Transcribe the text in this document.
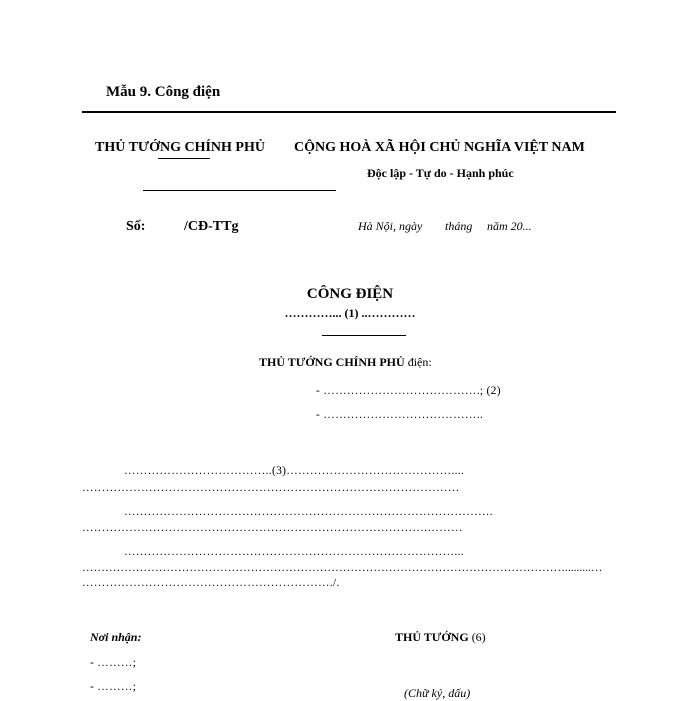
Mẫu 9. Công điện
THỦ TƯỚNG CHÍNH PHỦ CỘNG HOÀ XÃ HỘI CHỦ NGHĨA VIỆT NAM
Độc lập - Tự do - Hạnh phúc
Số:	/CĐ-TTg	Hà Nội, ngày tháng năm 20...
CÔNG ĐIỆN
…………... (1) ..…………
THỦ TƯỚNG CHÍNH PHỦ điện:
- ………………………………….; (2)
- …………………………………..
………………………………..(3)……………………………………....
……………………………………………………………………………………
………………………………………………………………………………….
…………………………………………………………………………….………
…………………………………………………………………………...
……………………………………………………………………………………………………………….........…
………………………………………………………./.
Nơi nhận:
- ………;
- ………;
THỦ TƯỚNG (6)
(Chữ ký, dấu)
